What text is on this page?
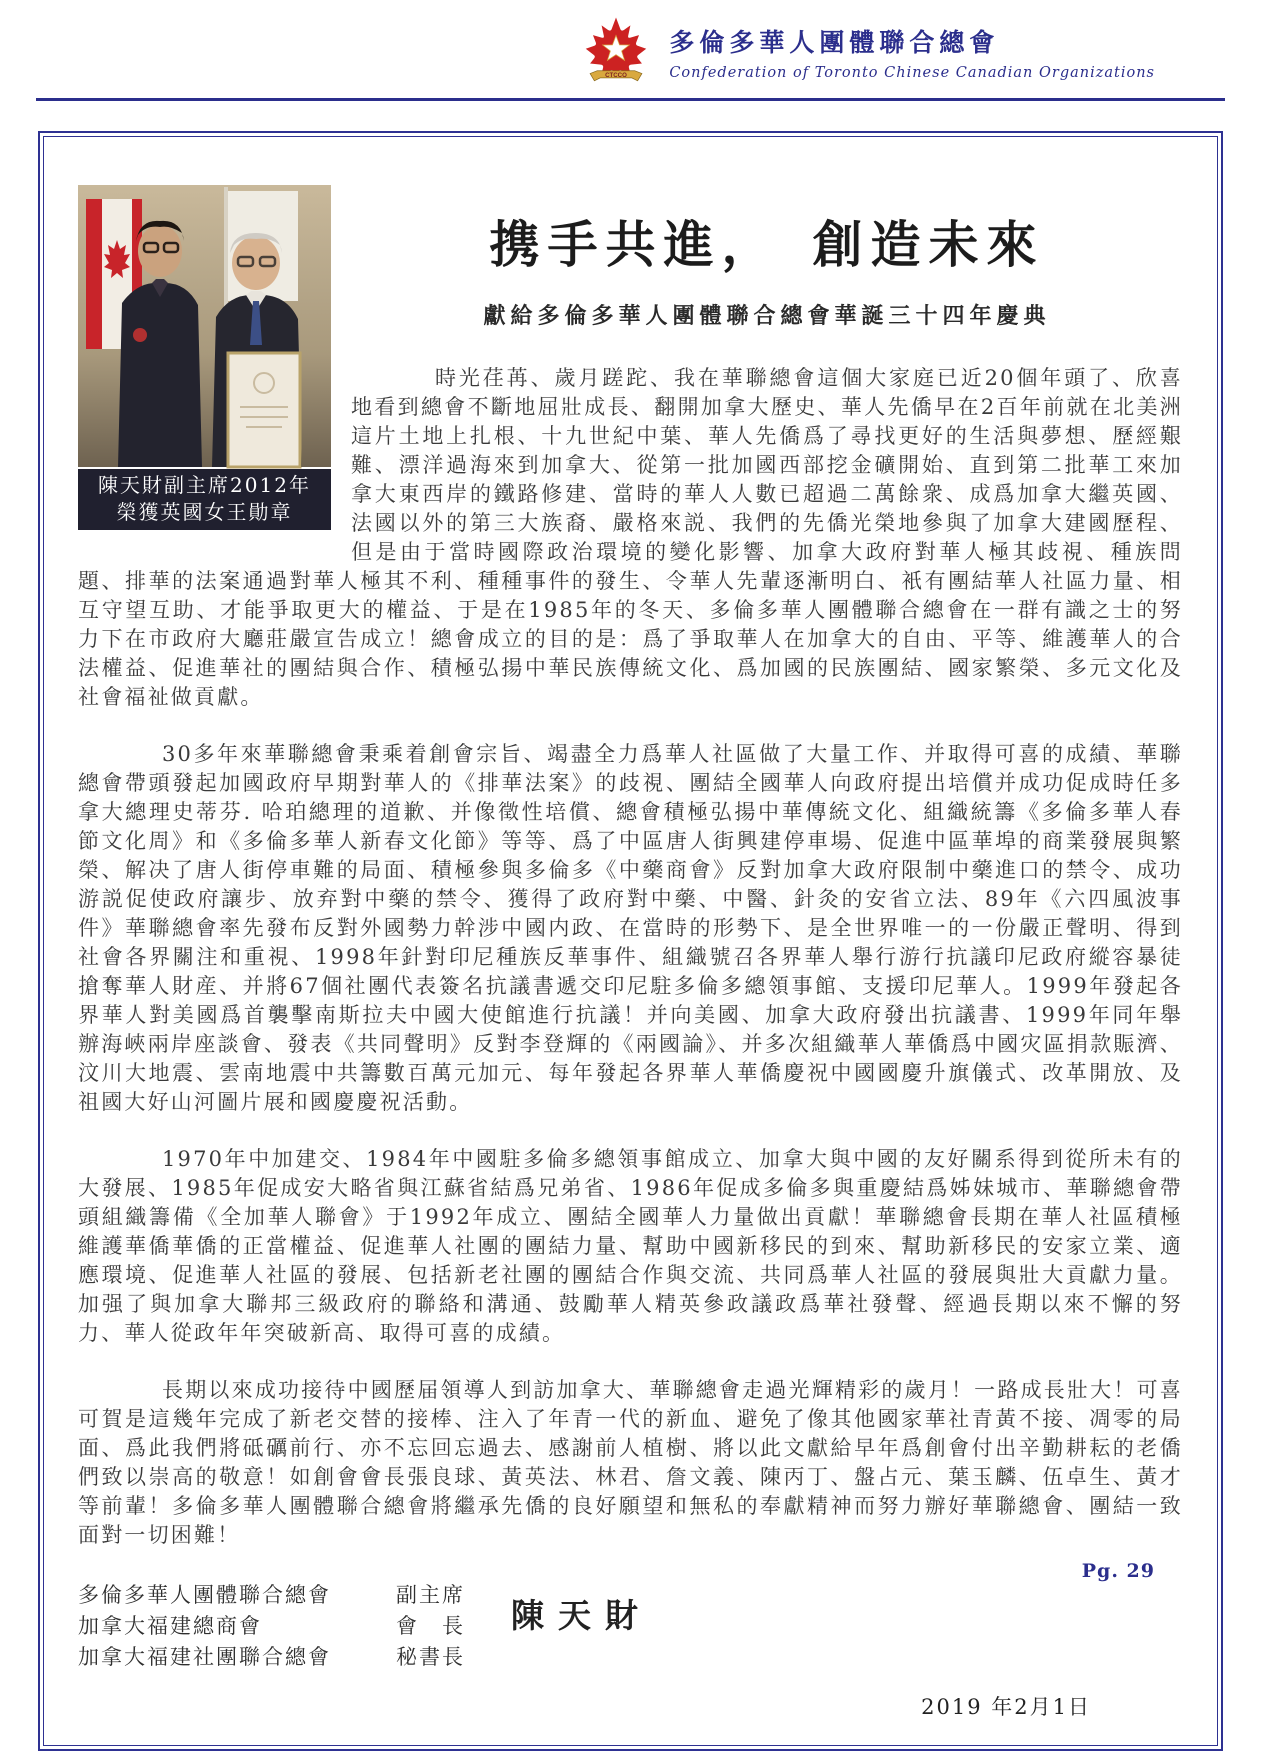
CTCCO
多倫多華人團體聯合總會
Confederation of Toronto Chinese Canadian Organizations
陳天財副主席2012年
榮獲英國女王勛章
携手共進，　創造未來
獻給多倫多華人團體聯合總會華誕三十四年慶典

時光荏苒、歲月蹉跎、我在華聯總會這個大家庭已近20個年頭了、欣喜地看到總會不斷地屈壯成長、翻開加拿大歷史、華人先僑早在2百年前就在北美洲這片土地上扎根、十九世紀中葉、華人先僑爲了尋找更好的生活與夢想、歷經艱難、漂洋過海來到加拿大、從第一批加國西部挖金礦開始、直到第二批華工來加拿大東西岸的鐵路修建、當時的華人人數已超過二萬餘衆、成爲加拿大繼英國、法國以外的第三大族裔、嚴格來説、我們的先僑光榮地參與了加拿大建國歷程、但是由于當時國際政治環境的變化影響、加拿大政府對華人極其歧視、種族問題、排華的法案通過對華人極其不利、種種事件的發生、令華人先輩逐漸明白、衹有團結華人社區力量、相互守望互助、才能爭取更大的權益、于是在1985年的冬天、多倫多華人團體聯合總會在一群有識之士的努力下在市政府大廳莊嚴宣告成立！總會成立的目的是：爲了爭取華人在加拿大的自由、平等、維護華人的合法權益、促進華社的團結與合作、積極弘揚中華民族傳統文化、爲加國的民族團結、國家繁榮、多元文化及社會福祉做貢獻。

30多年來華聯總會秉乘着創會宗旨、竭盡全力爲華人社區做了大量工作、并取得可喜的成績、華聯總會帶頭發起加國政府早期對華人的《排華法案》的歧視、團結全國華人向政府提出培償并成功促成時任多拿大總理史蒂芬. 哈珀總理的道歉、并像徵性培償、總會積極弘揚中華傳統文化、組織統籌《多倫多華人春節文化周》和《多倫多華人新春文化節》等等、爲了中區唐人街興建停車場、促進中區華埠的商業發展與繁榮、解决了唐人街停車難的局面、積極參與多倫多《中藥商會》反對加拿大政府限制中藥進口的禁令、成功游説促使政府讓步、放弃對中藥的禁令、獲得了政府對中藥、中醫、針灸的安省立法、89年《六四風波事件》華聯總會率先發布反對外國勢力幹涉中國内政、在當時的形勢下、是全世界唯一的一份嚴正聲明、得到社會各界關注和重視、1998年針對印尼種族反華事件、組織號召各界華人舉行游行抗議印尼政府縱容暴徒搶奪華人財産、并將67個社團代表簽名抗議書遞交印尼駐多倫多總領事館、支援印尼華人。1999年發起各界華人對美國爲首襲擊南斯拉夫中國大使館進行抗議！并向美國、加拿大政府發出抗議書、1999年同年舉辦海峽兩岸座談會、發表《共同聲明》反對李登輝的《兩國論》、并多次組織華人華僑爲中國灾區捐款賑濟、汶川大地震、雲南地震中共籌數百萬元加元、每年發起各界華人華僑慶祝中國國慶升旗儀式、改革開放、及祖國大好山河圖片展和國慶慶祝活動。

1970年中加建交、1984年中國駐多倫多總領事館成立、加拿大與中國的友好關系得到從所未有的大發展、1985年促成安大略省與江蘇省結爲兄弟省、1986年促成多倫多與重慶結爲姊妹城市、華聯總會帶頭組織籌備《全加華人聯會》于1992年成立、團結全國華人力量做出貢獻！華聯總會長期在華人社區積極維護華僑華僑的正當權益、促進華人社團的團結力量、幫助中國新移民的到來、幫助新移民的安家立業、適應環境、促進華人社區的發展、包括新老社團的團結合作與交流、共同爲華人社區的發展與壯大貢獻力量。加强了與加拿大聯邦三級政府的聯絡和溝通、鼓勵華人精英參政議政爲華社發聲、經過長期以來不懈的努力、華人從政年年突破新高、取得可喜的成績。

長期以來成功接待中國歷届領導人到訪加拿大、華聯總會走過光輝精彩的歲月！一路成長壯大！可喜可賀是這幾年完成了新老交替的接棒、注入了年青一代的新血、避免了像其他國家華社青黃不接、凋零的局面、爲此我們將砥礪前行、亦不忘回忘過去、感謝前人植樹、將以此文獻給早年爲創會付出辛勤耕耘的老僑們致以崇高的敬意！如創會會長張良球、黃英法、林君、詹文義、陳丙丁、盤占元、葉玉麟、伍卓生、黃才等前輩！多倫多華人團體聯合總會將繼承先僑的良好願望和無私的奉獻精神而努力辦好華聯總會、團結一致面對一切困難！

多倫多華人團體聯合總會	副主席
加拿大福建總商會	會　長
加拿大福建社團聯合總會	秘書長
陳天財
2019 年2月1日
Pg. 29
